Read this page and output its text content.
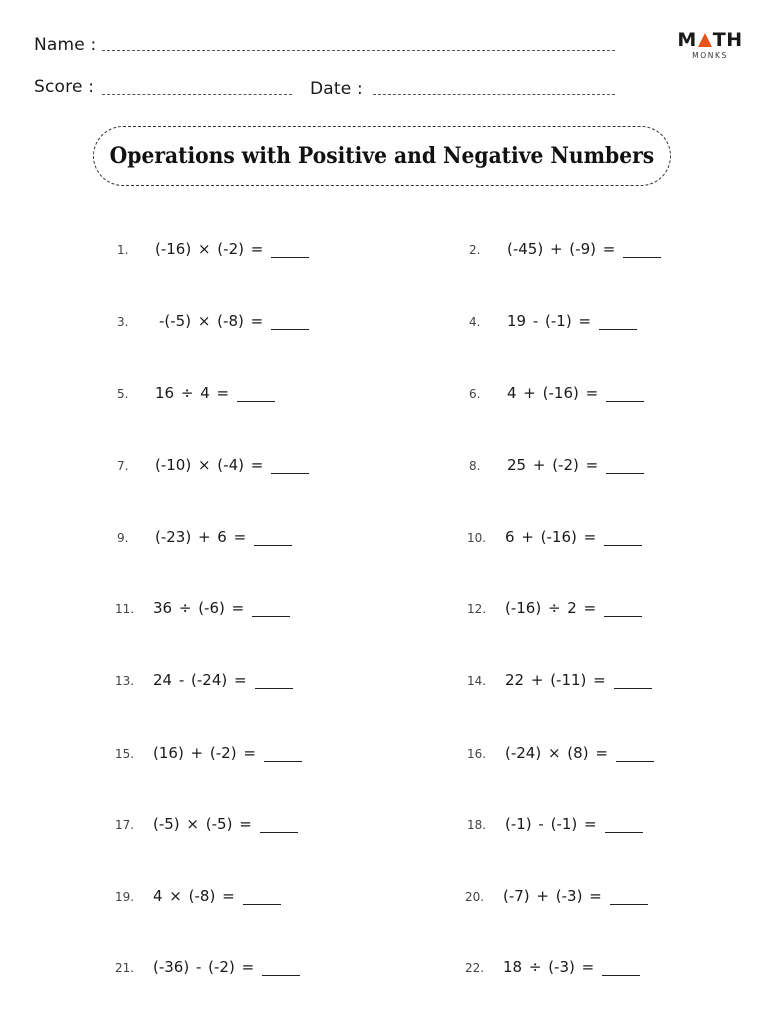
Name :
Score :	Date :
M TH
MONKS
Operations with Positive and Negative Numbers
1.	(-16) × (-2) =	2.	(-45) + (-9) =
3.	-(-5) × (-8) =	4.	19 - (-1) =
5.	16 ÷ 4 =	6.	4 + (-16) =
7.	(-10) × (-4) =	8.	25 + (-2) =
9.	(-23) + 6 =	10.	6 + (-16) =
11.	36 ÷ (-6) =	12.	(-16) ÷ 2 =
13.	24 - (-24) =	14.	22 + (-11) =
15.	(16) + (-2) =	16.	(-24) × (8) =
17.	(-5) × (-5) =	18.	(-1) - (-1) =
19.	4 × (-8) =	20.	(-7) + (-3) =
21.	(-36) - (-2) =	22.	18 ÷ (-3) =
